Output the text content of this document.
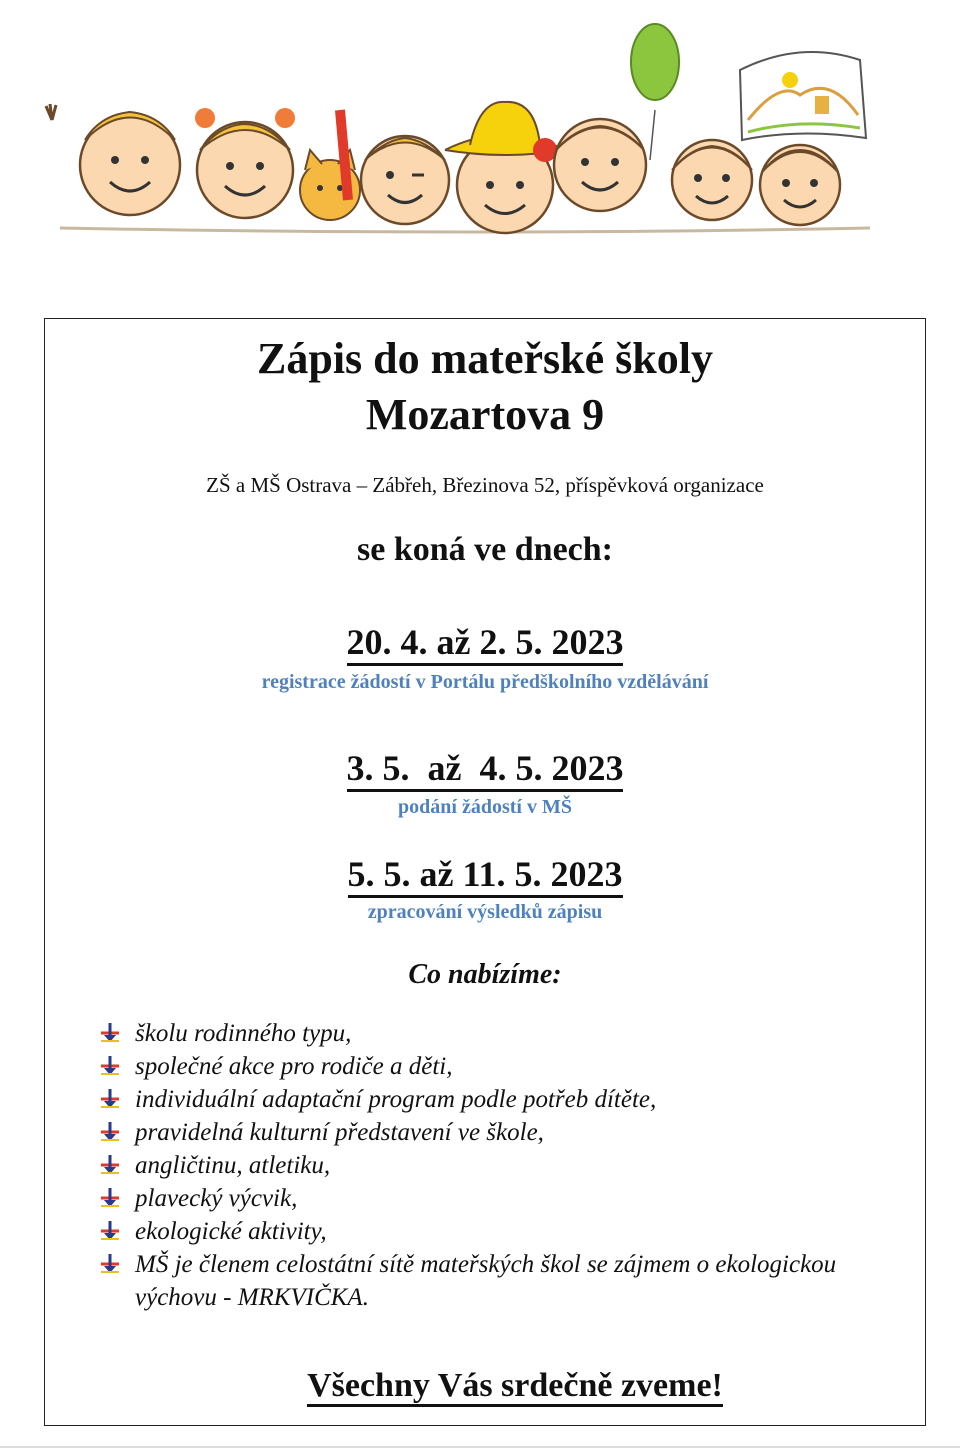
Zápis do mateřské školy
Mozartova 9
ZŠ a MŠ Ostrava – Zábřeh, Březinova 52, příspěvková organizace
se koná ve dnech:
20. 4. až 2. 5. 2023
registrace žádostí v Portálu předškolního vzdělávání
3. 5.  až  4. 5. 2023
podání žádostí v MŠ
5. 5. až 11. 5. 2023
zpracování výsledků zápisu
Co nabízíme:
školu rodinného typu,
společné akce pro rodiče a děti,
individuální adaptační program podle potřeb dítěte,
pravidelná kulturní představení ve škole,
angličtinu, atletiku,
plavecký výcvik,
ekologické aktivity,
MŠ je členem celostátní sítě mateřských škol se zájmem o ekologickou výchovu - MRKVIČKA.
Všechny Vás srdečně zveme!
